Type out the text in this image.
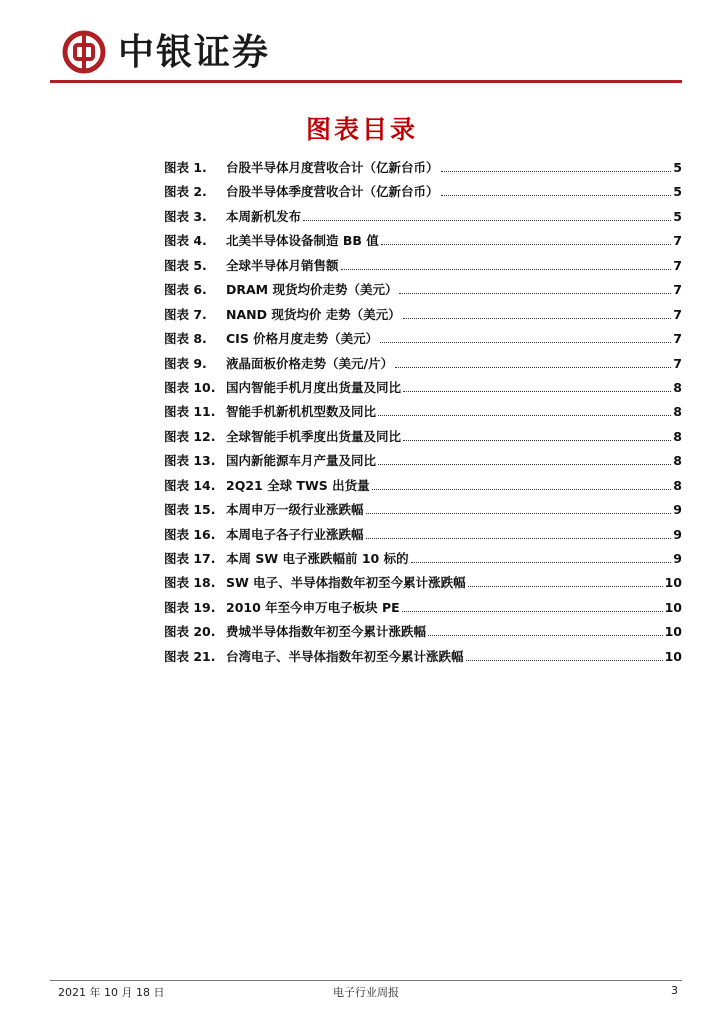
中银证券
图表目录
图表 1.	台股半导体月度营收合计（亿新台币）	5
图表 2.	台股半导体季度营收合计（亿新台币）	5
图表 3.	本周新机发布	5
图表 4.	北美半导体设备制造 BB 值	7
图表 5.	全球半导体月销售额	7
图表 6.	DRAM 现货均价走势（美元）	7
图表 7.	NAND 现货均价 走势（美元）	7
图表 8.	CIS 价格月度走势（美元）	7
图表 9.	液晶面板价格走势（美元/片）	7
图表 10. 国内智能手机月度出货量及同比	8
图表 11. 智能手机新机机型数及同比	8
图表 12. 全球智能手机季度出货量及同比	8
图表 13. 国内新能源车月产量及同比	8
图表 14. 2Q21 全球 TWS 出货量	8
图表 15. 本周申万一级行业涨跌幅	9
图表 16. 本周电子各子行业涨跌幅	9
图表 17. 本周 SW 电子涨跌幅前 10 标的	9
图表 18. SW 电子、半导体指数年初至今累计涨跌幅	10
图表 19. 2010 年至今申万电子板块 PE	10
图表 20. 费城半导体指数年初至今累计涨跌幅	10
图表 21. 台湾电子、半导体指数年初至今累计涨跌幅	10
2021 年 10 月 18 日	电子行业周报	3
